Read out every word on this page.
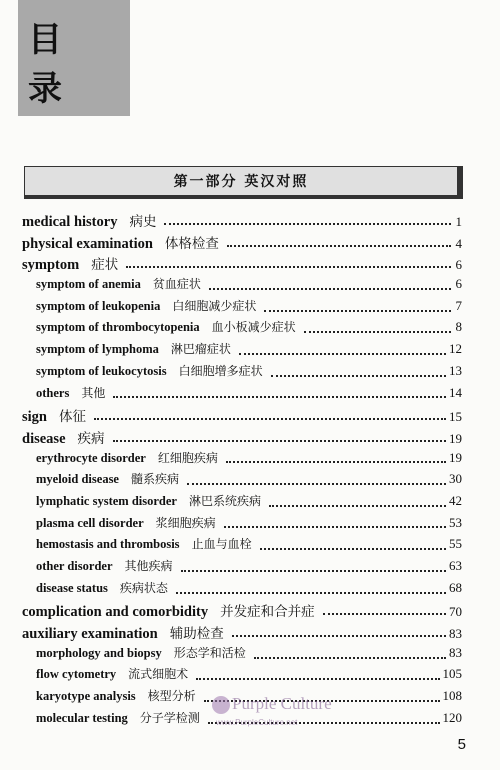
目 录
第一部分 英汉对照
medical history 病史	1
physical examination 体格检查	4
symptom 症状	6
symptom of anemia 贫血症状	6
symptom of leukopenia 白细胞减少症状	7
symptom of thrombocytopenia 血小板减少症状	8
symptom of lymphoma 淋巴瘤症状	12
symptom of leukocytosis 白细胞增多症状	13
others 其他	14
sign 体征	15
disease 疾病	19
erythrocyte disorder 红细胞疾病	19
myeloid disease 髓系疾病	30
lymphatic system disorder 淋巴系统疾病	42
plasma cell disorder 浆细胞疾病	53
hemostasis and thrombosis 止血与血栓	55
other disorder 其他疾病	63
disease status 疾病状态	68
complication and comorbidity 并发症和合并症	70
auxiliary examination 辅助检查	83
morphology and biopsy 形态学和活检	83
flow cytometry 流式细胞术	105
karyotype analysis 核型分析	108
molecular testing 分子学检测	120
Purple Culture
www.PurpleCulture.net
5
